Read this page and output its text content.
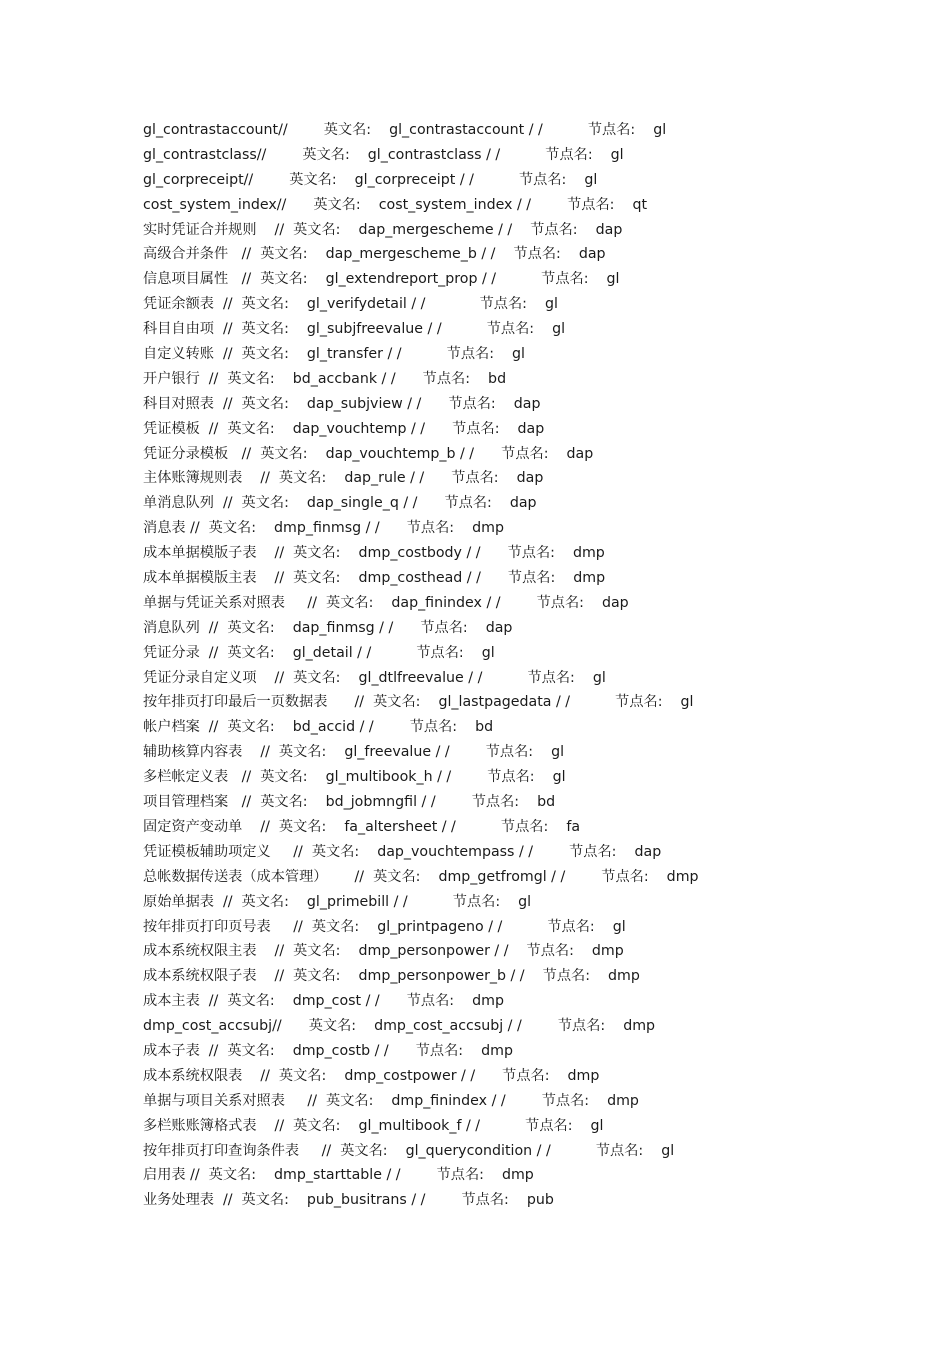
gl_contrastaccount//        英文名:    gl_contrastaccount / /          节点名:    gl
gl_contrastclass//        英文名:    gl_contrastclass / /          节点名:    gl
gl_corpreceipt//        英文名:    gl_corpreceipt / /          节点名:    gl
cost_system_index//      英文名:    cost_system_index / /        节点名:    qt
实时凭证合并规则    //  英文名:    dap_mergescheme / /    节点名:    dap
高级合并条件   //  英文名:    dap_mergescheme_b / /    节点名:    dap
信息项目属性   //  英文名:    gl_extendreport_prop / /          节点名:    gl
凭证余额表  //  英文名:    gl_verifydetail / /            节点名:    gl
科目自由项  //  英文名:    gl_subjfreevalue / /          节点名:    gl
自定义转账  //  英文名:    gl_transfer / /          节点名:    gl
开户银行  //  英文名:    bd_accbank / /      节点名:    bd
科目对照表  //  英文名:    dap_subjview / /      节点名:    dap
凭证模板  //  英文名:    dap_vouchtemp / /      节点名:    dap
凭证分录模板   //  英文名:    dap_vouchtemp_b / /      节点名:    dap
主体账簿规则表    //  英文名:    dap_rule / /      节点名:    dap
单消息队列  //  英文名:    dap_single_q / /      节点名:    dap
消息表 //  英文名:    dmp_finmsg / /      节点名:    dmp
成本单据模版子表    //  英文名:    dmp_costbody / /      节点名:    dmp
成本单据模版主表    //  英文名:    dmp_costhead / /      节点名:    dmp
单据与凭证关系对照表     //  英文名:    dap_finindex / /        节点名:    dap
消息队列  //  英文名:    dap_finmsg / /      节点名:    dap
凭证分录  //  英文名:    gl_detail / /          节点名:    gl
凭证分录自定义项    //  英文名:    gl_dtlfreevalue / /          节点名:    gl
按年排页打印最后一页数据表      //  英文名:    gl_lastpagedata / /          节点名:    gl
帐户档案  //  英文名:    bd_accid / /        节点名:    bd
辅助核算内容表    //  英文名:    gl_freevalue / /        节点名:    gl
多栏帐定义表   //  英文名:    gl_multibook_h / /        节点名:    gl
项目管理档案   //  英文名:    bd_jobmngfil / /        节点名:    bd
固定资产变动单    //  英文名:    fa_altersheet / /          节点名:    fa
凭证模板辅助项定义     //  英文名:    dap_vouchtempass / /        节点名:    dap
总帐数据传送表（成本管理）      //  英文名:    dmp_getfromgl / /        节点名:    dmp
原始单据表  //  英文名:    gl_primebill / /          节点名:    gl
按年排页打印页号表     //  英文名:    gl_printpageno / /          节点名:    gl
成本系统权限主表    //  英文名:    dmp_personpower / /    节点名:    dmp
成本系统权限子表    //  英文名:    dmp_personpower_b / /    节点名:    dmp
成本主表  //  英文名:    dmp_cost / /      节点名:    dmp
dmp_cost_accsubj//      英文名:    dmp_cost_accsubj / /        节点名:    dmp
成本子表  //  英文名:    dmp_costb / /      节点名:    dmp
成本系统权限表    //  英文名:    dmp_costpower / /      节点名:    dmp
单据与项目关系对照表     //  英文名:    dmp_finindex / /        节点名:    dmp
多栏账账簿格式表    //  英文名:    gl_multibook_f / /          节点名:    gl
按年排页打印查询条件表     //  英文名:    gl_querycondition / /          节点名:    gl
启用表 //  英文名:    dmp_starttable / /        节点名:    dmp
业务处理表  //  英文名:    pub_busitrans / /        节点名:    pub
